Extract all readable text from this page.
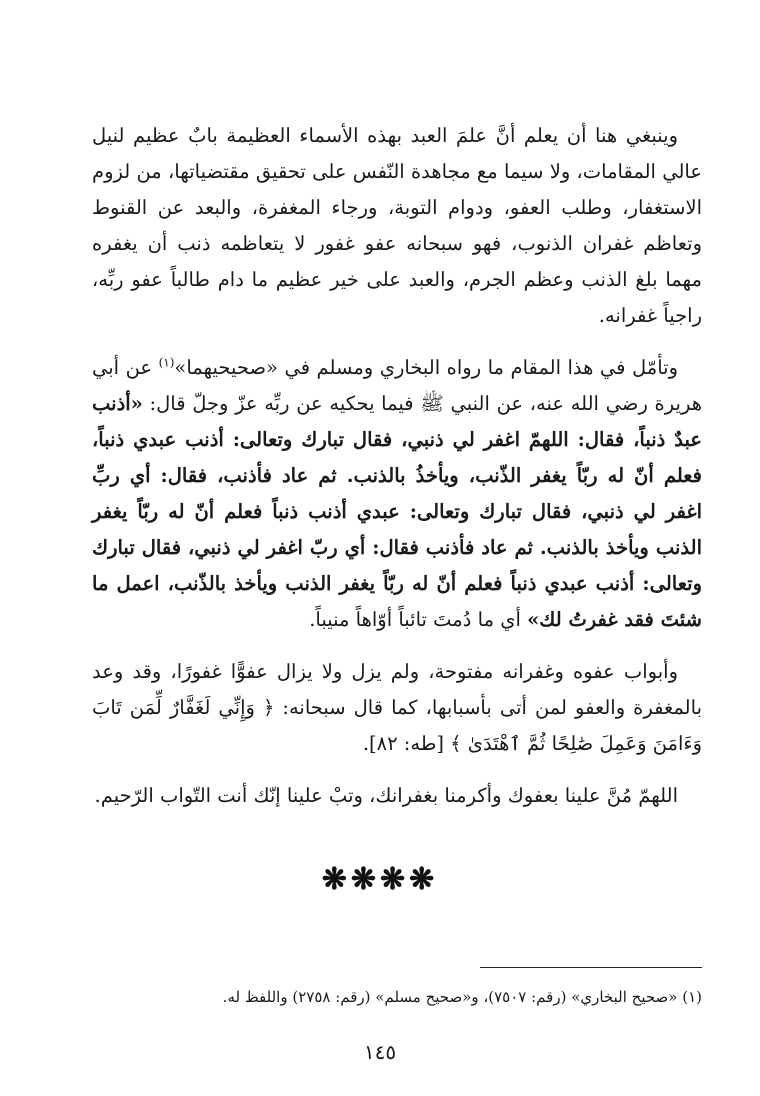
وينبغي هنا أن يعلم أنَّ علمَ العبد بهذه الأسماء العظيمة بابٌ عظيم لنيل عالي المقامات، ولا سيما مع مجاهدة النّفس على تحقيق مقتضياتها، من لزوم الاستغفار، وطلب العفو، ودوام التوبة، ورجاء المغفرة، والبعد عن القنوط وتعاظم غفران الذنوب، فهو سبحانه عفو غفور لا يتعاظمه ذنب أن يغفره مهما بلغ الذنب وعظم الجرم، والعبد على خير عظيم ما دام طالباً عفو ربِّه، راجياً غفرانه.

وتأمّل في هذا المقام ما رواه البخاري ومسلم في «صحيحيهما»

$^{(١)}$

عن أبي هريرة رضي الله عنه، عن النبي ﷺ فيما يحكيه عن ربِّه عزّ وجلّ قال:

«أذنب عبدٌ ذنباً، فقال: اللهمّ اغفر لي ذنبي، فقال تبارك وتعالى: أذنب عبدي ذنباً، فعلم أنّ له ربّاً يغفر الذّنب، ويأخذُ بالذنب. ثم عاد فأذنب، فقال: أي ربِّ اغفر لي ذنبي، فقال تبارك وتعالى: عبدي أذنب ذنباً فعلم أنّ له ربّاً يغفر الذنب ويأخذ بالذنب. ثم عاد فأذنب فقال: أي ربّ اغفر لي ذنبي، فقال تبارك وتعالى: أذنب عبدي ذنباً فعلم أنّ له ربّاً يغفر الذنب ويأخذ بالذّنب، اعمل ما شئتَ فقد غفرتُ لك»

أي ما دُمتَ تائباً أوّاهاً منيباً.

وأبواب عفوه وغفرانه مفتوحة، ولم يزل ولا يزال عفوًّا غفورًا، وقد وعد بالمغفرة والعفو لمن أتى بأسبابها، كما قال سبحانه: ﴿ وَإِنِّي لَغَفَّارٌ لِّمَن تَابَ وَءَامَنَ وَعَمِلَ صَٰلِحًا ثُمَّ ٱهْتَدَىٰ ﴾ [طه: ٨٢].

اللهمّ مُنَّ علينا بعفوك وأكرمنا بغفرانك، وتبْ علينا إنّك أنت التّواب الرّحيم.

❋❋❋❋
(١) «صحيح البخاري» (رقم: ٧٥٠٧)، و«صحيح مسلم» (رقم: ٢٧٥٨) واللفظ له.
١٤٥
